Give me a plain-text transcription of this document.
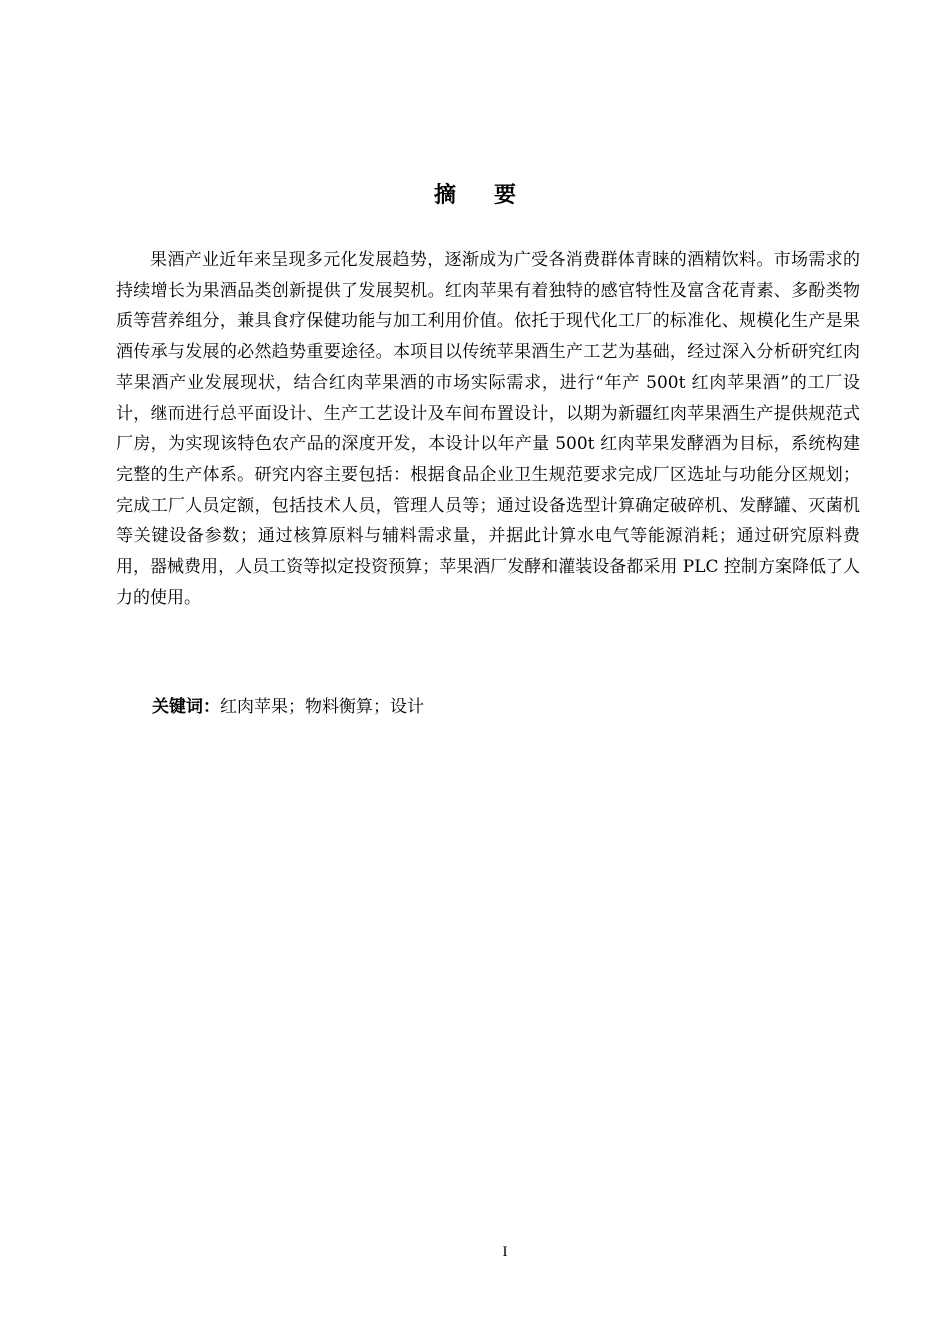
摘 要

果酒产业近年来呈现多元化发展趋势，逐渐成为广受各消费群体青睐的酒精饮料。市场需求的持续增长为果酒品类创新提供了发展契机。红肉苹果有着独特的感官特性及富含花青素、多酚类物质等营养组分，兼具食疗保健功能与加工利用价值。依托于现代化工厂的标准化、规模化生产是果酒传承与发展的必然趋势重要途径。本项目以传统苹果酒生产工艺为基础，经过深入分析研究红肉苹果酒产业发展现状，结合红肉苹果酒的市场实际需求，进行“年产 500t 红肉苹果酒”的工厂设计，继而进行总平面设计、生产工艺设计及车间布置设计，以期为新疆红肉苹果酒生产提供规范式厂房，为实现该特色农产品的深度开发，本设计以年产量 500t 红肉苹果发酵酒为目标，系统构建完整的生产体系。研究内容主要包括：根据食品企业卫生规范要求完成厂区选址与功能分区规划；完成工厂人员定额，包括技术人员，管理人员等；通过设备选型计算确定破碎机、发酵罐、灭菌机等关键设备参数；通过核算原料与辅料需求量，并据此计算水电气等能源消耗；通过研究原料费用，器械费用，人员工资等拟定投资预算；苹果酒厂发酵和灌装设备都采用 PLC 控制方案降低了人力的使用。

关键词：红肉苹果；物料衡算；设计
I
